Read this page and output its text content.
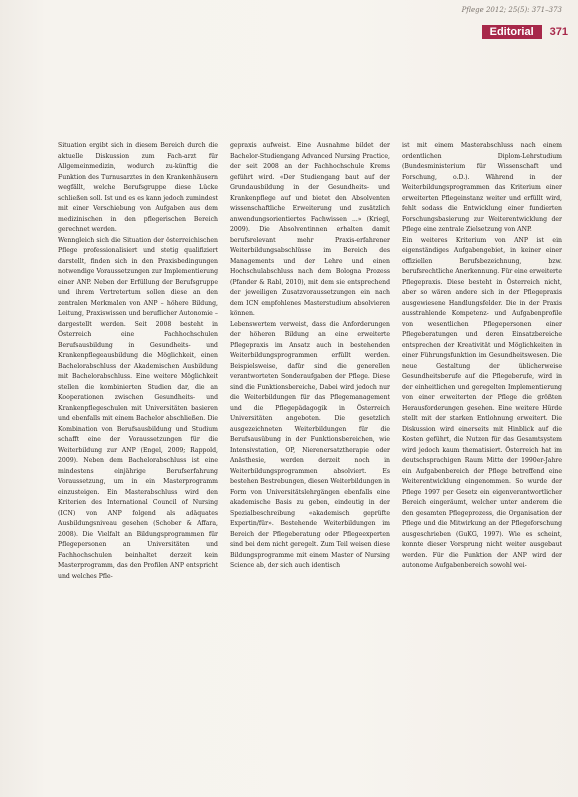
Pflege 2012; 25(5): 371–373
Editorial	371

Situation ergibt sich in diesem Bereich durch die aktuelle Diskussion zum Fach-arzt für Allgemeinmedizin, wodurch zu-künftig die Funktion des Turnusarztes in den Krankenhäusern wegfällt, welche Berufsgruppe diese Lücke schließen soll. Ist und es es kann jedoch zumindest mit einer Verschiebung von Aufgaben aus dem medizinischen in den pflegerischen Bereich gerechnet werden.

Wenngleich sich die Situation der österreichischen Pflege professionalisiert und stetig qualifiziert darstellt, finden sich in den Praxisbedingungen notwendige Voraussetzungen zur Implementierung einer ANP. Neben der Erfüllung der Berufsgruppe und ihrem Vertretertum sollen diese an den zentralen Merkmalen von ANP – höhere Bildung, Leitung, Praxiswissen und beruflicher Autonomie – dargestellt werden. Seit 2008 besteht in Österreich eine Fachhochschulen Berufsausbildung in Gesundheits- und Krankenpflegeausbildung die Möglichkeit, einen Bachelorabschluss der Akademischen Ausbildung mit Bachelorabschluss. Eine weitere Möglichkeit stellen die kombinierten Studien dar, die an Kooperationen zwischen Gesundheits- und Krankenpflegeschulen mit Universitäten basieren und ebenfalls mit einem Bachelor abschließen. Die Kombination von Berufsausbildung und Studium schafft eine der Voraussetzungen für die Weiterbildung zur ANP (Engel, 2009; Rappold, 2009). Neben dem Bachelorabschluss ist eine mindestens einjährige Berufserfahrung Voraussetzung, um in ein Masterprogramm einzusteigen. Ein Masterabschluss wird den Kriterien des International Council of Nursing (ICN) von ANP folgend als adäquates Ausbildungsniveau gesehen (Schober & Affara, 2008). Die Vielfalt an Bildungsprogrammen für Pflegepersonen an Universitäten und Fachhochschulen beinhaltet derzeit kein Masterprogramm, das den Profilen ANP entspricht und welches Pfle-

gepraxis aufweist. Eine Ausnahme bildet der Bachelor-Studiengang Advanced Nursing Practice, der seit 2008 an der Fachhochschule Krems geführt wird. «Der Studiengang baut auf der Grundausbildung in der Gesundheits- und Krankenpflege auf und bietet den Absolventen wissenschaftliche Erweiterung und zusätzlich anwendungsorientiertes Fachwissen ...» (Kriegl, 2009). Die Absolventinnen erhalten damit berufsrelevant mehr Praxis-erfahrener Weiterbildungsabschlüsse im Bereich des Managements und der Lehre und einen Hochschulabschluss nach dem Bologna Prozess (Pfander & Rabl, 2010), mit dem sie entsprechend der jeweiligen Zusatzvoraussetzungen ein nach dem ICN empfohlenes Masterstudium absolvieren können.

Lebenswertem verweist, dass die Anforderungen der höheren Bildung an eine erweiterte Pflegepraxis im Ansatz auch in bestehenden Weiterbildungsprogrammen erfüllt werden. Beispielsweise, dafür sind die generellen verantworteten Sonderaufgaben der Pflege. Diese sind die Funktionsbereiche, Dabei wird jedoch nur die Weiterbildungen für das Pflegemanagement und die Pflegepädagogik in Österreich Universitäten angeboten. Die gesetzlich ausgezeichneten Weiterbildungen für die Berufsausübung in der Funktionsbereichen, wie Intensivstation, OP, Nierenersatztherapie oder Anästhesie, werden derzeit noch in Weiterbildungsprogrammen absolviert. Es bestehen Bestrebungen, diesen Weiterbildungen in Form von Universitätslehrgängen ebenfalls eine akademische Basis zu geben, eindeutig in der Spezialbeschreibung «akademisch geprüfte Expertin/für». Bestehende Weiterbildungen im Bereich der Pflegeberatung oder Pflegeexperten sind bei dem nicht geregelt. Zum Teil weisen diese Bildungsprogramme mit einem Master of Nursing Science ab, der sich auch identisch

ist mit einem Masterabschluss nach einem ordentlichen Diplom-Lehrstudium (Bundesministerium für Wissenschaft und Forschung, o.D.). Während in der Weiterbildungsprogrammen das Kriterium einer erweiterten Pflegeinstanz weiter und erfüllt wird, fehlt sodass die Entwicklung einer fundierten Forschungsbasierung zur Weiterentwicklung der Pflege eine zentrale Zielsetzung von ANP.

Ein weiteres Kriterium von ANP ist ein eigenständiges Aufgabengebiet, in keiner einer offiziellen Berufsbezeichnung, bzw. berufsrechtliche Anerkennung. Für eine erweiterte Pflegepraxis. Diese besteht in Österreich nicht, aber so wären andere sich in der Pflegepraxis ausgewiesene Handlungsfelder. Die in der Praxis ausstrahlende Kompetenz- und Aufgabenprofile von wesentlichen Pflegepersonen einer Pflegeberatungen und deren Einsatzbereiche entsprechen der Kreativität und Möglichkeiten in einer Führungsfunktion im Gesundheitswesen. Die neue Gestaltung der üblicherweise Gesundheitsberufe auf die Pflegeberufe, wird in der einheitlichen und geregelten Implementierung von einer erweiterten der Pflege die größten Herausforderungen gesehen. Eine weitere Hürde stellt mit der starken Entlohnung erweitert. Die Diskussion wird einerseits mit Hinblick auf die Kosten geführt, die Nutzen für das Gesamtsystem wird jedoch kaum thematisiert. Österreich hat im deutschsprachigen Raum Mitte der 1990er-Jahre ein Aufgabenbereich der Pflege betreffend eine Weiterentwicklung eingenommen. So wurde der Pflege 1997 per Gesetz ein eigenverantwortlicher Bereich eingeräumt, welcher unter anderem die den gesamten Pflegeprozess, die Organisation der Pflege und die Mitwirkung an der Pflegeforschung ausgeschrieben (GuKG, 1997). Wie es scheint, konnte dieser Vorsprung nicht weiter ausgebaut werden. Für die Funktion der ANP wird der autonome Aufgabenbereich sowohl wei-
